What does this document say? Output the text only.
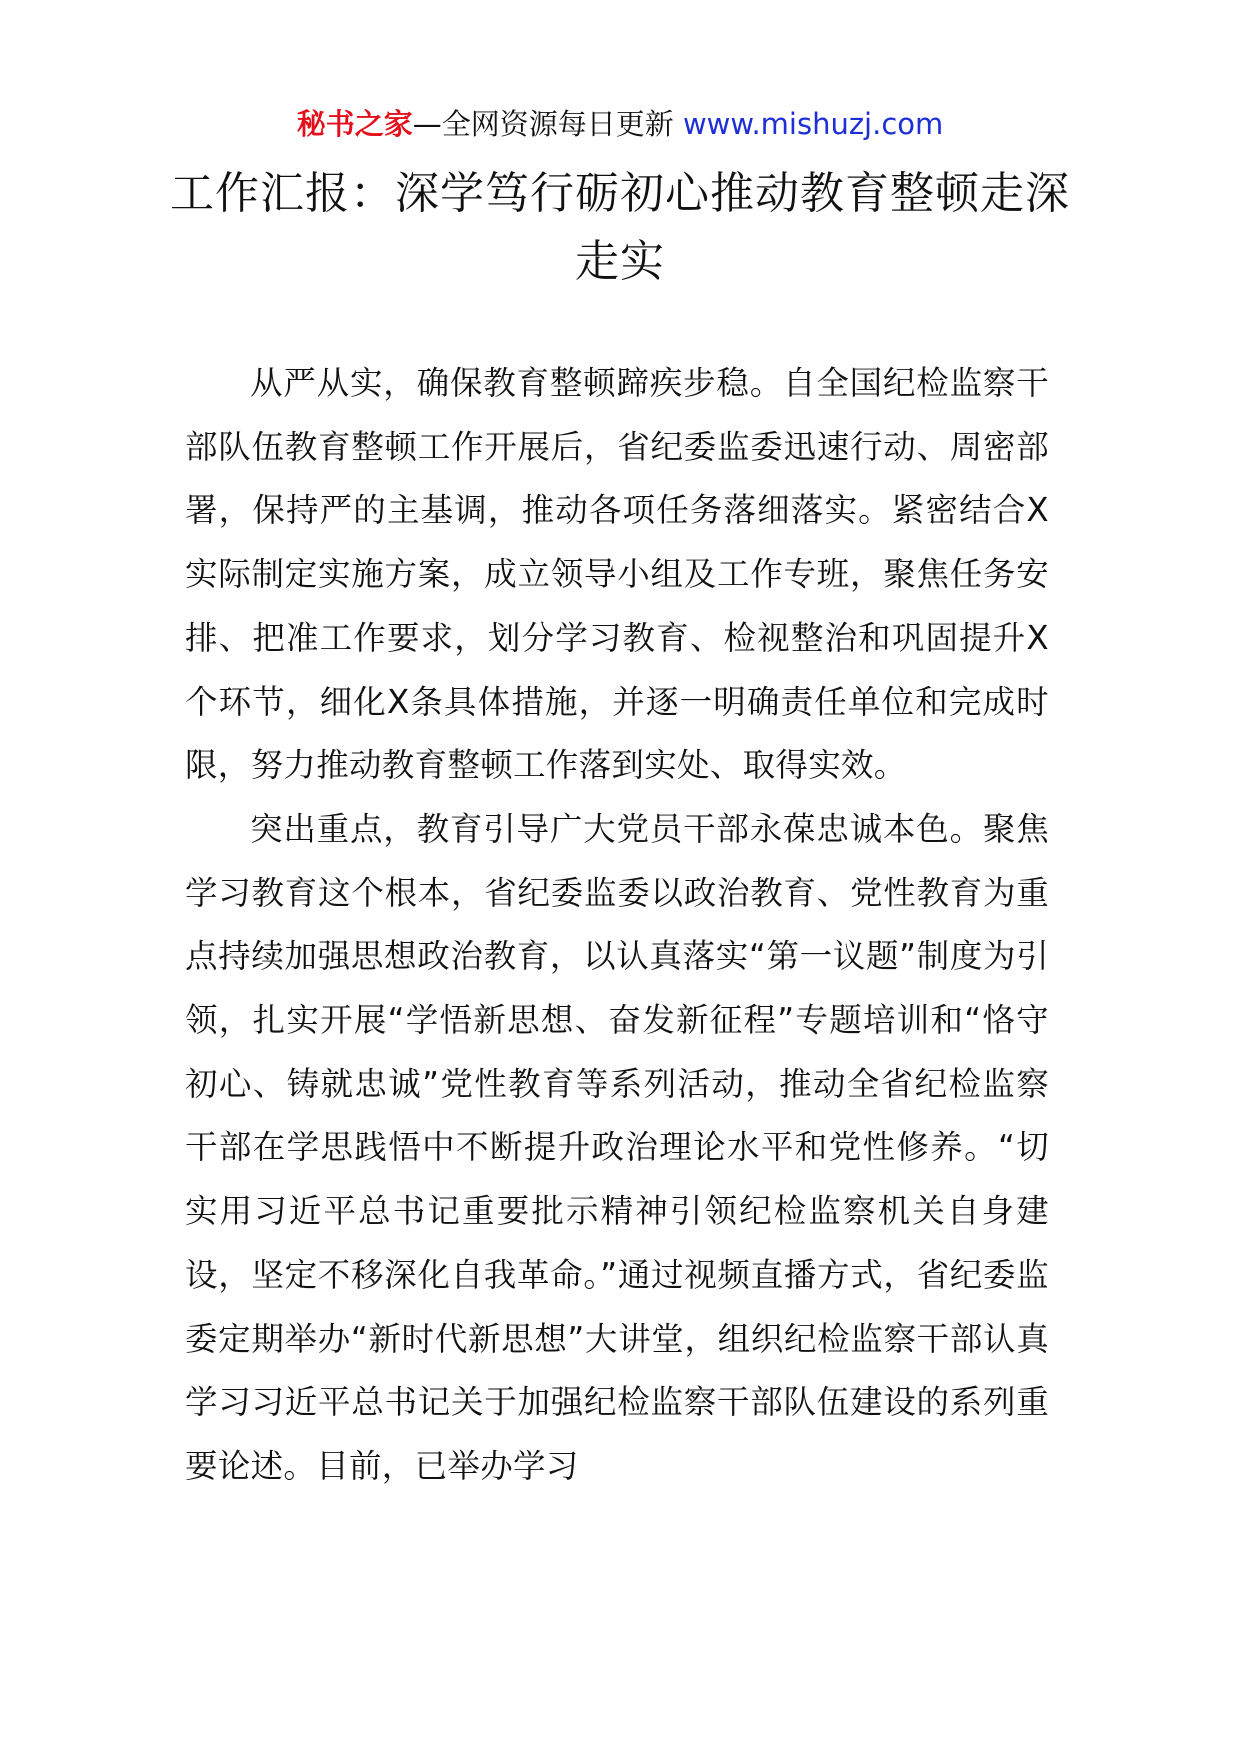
秘书之家—全网资源每日更新 www.mishuzj.com
工作汇报：深学笃行砺初心推动教育整顿走深走实

从严从实，确保教育整顿蹄疾步稳。自全国纪检监察干部队伍教育整顿工作开展后，省纪委监委迅速行动、周密部署，保持严的主基调，推动各项任务落细落实。紧密结合X实际制定实施方案，成立领导小组及工作专班，聚焦任务安排、把准工作要求，划分学习教育、检视整治和巩固提升X个环节，细化X条具体措施，并逐一明确责任单位和完成时限，努力推动教育整顿工作落到实处、取得实效。

突出重点，教育引导广大党员干部永葆忠诚本色。聚焦学习教育这个根本，省纪委监委以政治教育、党性教育为重点持续加强思想政治教育，以认真落实“第一议题”制度为引领，扎实开展“学悟新思想、奋发新征程”专题培训和“恪守初心、铸就忠诚”党性教育等系列活动，推动全省纪检监察干部在学思践悟中不断提升政治理论水平和党性修养。“切实用习近平总书记重要批示精神引领纪检监察机关自身建设，坚定不移深化自我革命。”通过视频直播方式，省纪委监委定期举办“新时代新思想”大讲堂，组织纪检监察干部认真学习习近平总书记关于加强纪检监察干部队伍建设的系列重要论述。目前，已举办学习
